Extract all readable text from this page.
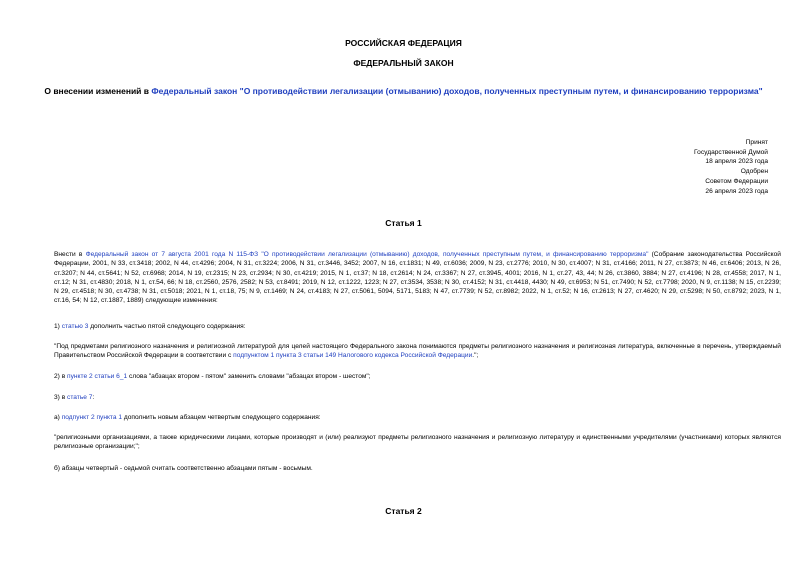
РОССИЙСКАЯ ФЕДЕРАЦИЯ
ФЕДЕРАЛЬНЫЙ ЗАКОН
О внесении изменений в Федеральный закон "О противодействии легализации (отмыванию) доходов, полученных преступным путем, и финансированию терроризма"
Принят
Государственной Думой
18 апреля 2023 года
Одобрен
Советом Федерации
26 апреля 2023 года
Статья 1
Внести в Федеральный закон от 7 августа 2001 года N 115-ФЗ "О противодействии легализации (отмыванию) доходов, полученных преступным путем, и финансированию терроризма" (Собрание законодательства Российской Федерации, 2001, N 33, ст.3418; 2002, N 44, ст.4296; 2004, N 31, ст.3224; 2006, N 31, ст.3446, 3452; 2007, N 16, ст.1831; N 49, ст.6036; 2009, N 23, ст.2776; 2010, N 30, ст.4007; N 31, ст.4166; 2011, N 27, ст.3873; N 46, ст.6406; 2013, N 26, ст.3207; N 44, ст.5641; N 52, ст.6968; 2014, N 19, ст.2315; N 23, ст.2934; N 30, ст.4219; 2015, N 1, ст.37; N 18, ст.2614; N 24, ст.3367; N 27, ст.3945, 4001; 2016, N 1, ст.27, 43, 44; N 26, ст.3860, 3884; N 27, ст.4196; N 28, ст.4558; 2017, N 1, ст.12; N 31, ст.4830; 2018, N 1, ст.54, 66; N 18, ст.2560, 2576, 2582; N 53, ст.8491; 2019, N 12, ст.1222, 1223; N 27, ст.3534, 3538; N 30, ст.4152; N 31, ст.4418, 4430; N 49, ст.6953; N 51, ст.7490; N 52, ст.7798; 2020, N 9, ст.1138; N 15, ст.2239; N 29, ст.4518; N 30, ст.4738; N 31, ст.5018; 2021, N 1, ст.18, 75; N 9, ст.1469; N 24, ст.4183; N 27, ст.5061, 5094, 5171, 5183; N 47, ст.7739; N 52, ст.8982; 2022, N 1, ст.52; N 16, ст.2613; N 27, ст.4620; N 29, ст.5298; N 50, ст.8792; 2023, N 1, ст.16, 54; N 12, ст.1887, 1889) следующие изменения:
1) статью 3 дополнить частью пятой следующего содержания:
"Под предметами религиозного назначения и религиозной литературой для целей настоящего Федерального закона понимаются предметы религиозного назначения и религиозная литература, включенные в перечень, утверждаемый Правительством Российской Федерации в соответствии с подпунктом 1 пункта 3 статьи 149 Налогового кодекса Российской Федерации.";
2) в пункте 2 статьи 6_1 слова "абзацах втором - пятом" заменить словами "абзацах втором - шестом";
3) в статье 7:
а) подпункт 2 пункта 1 дополнить новым абзацем четвертым следующего содержания:
"религиозными организациями, а также юридическими лицами, которые производят и (или) реализуют предметы религиозного назначения и религиозную литературу и единственными учредителями (участниками) которых являются религиозные организации;";
б) абзацы четвертый - седьмой считать соответственно абзацами пятым - восьмым.
Статья 2
